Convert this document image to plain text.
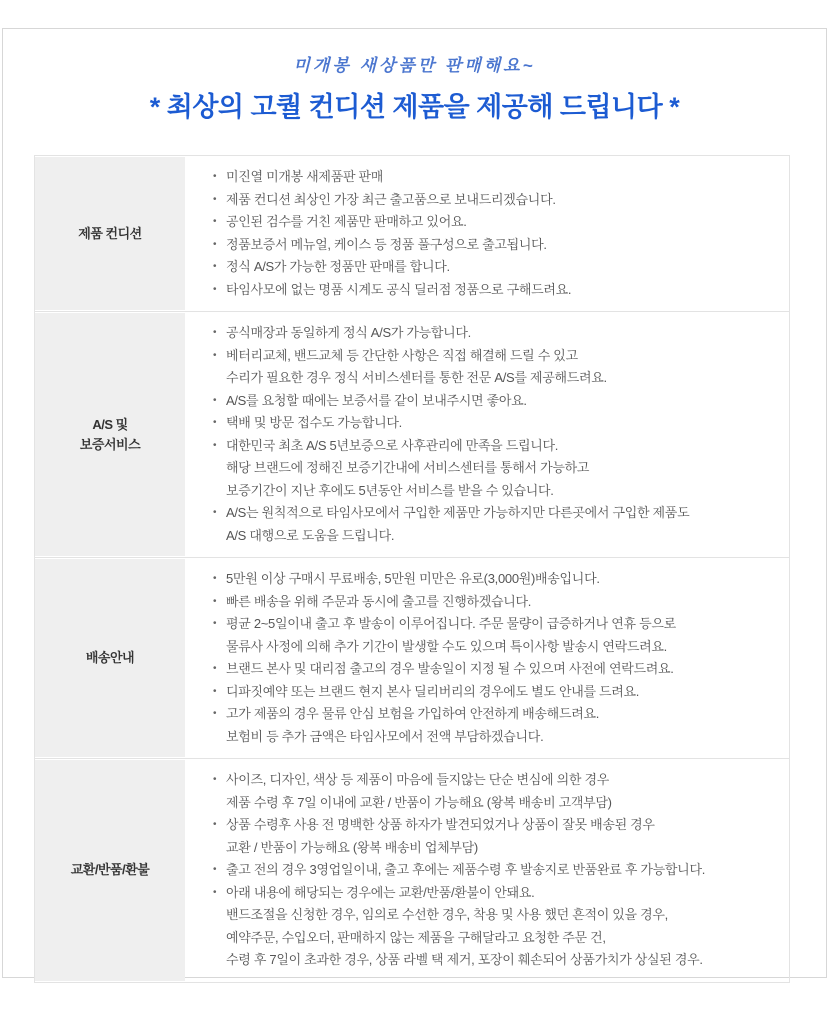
미개봉 새상품만 판매해요~
* 최상의 고퀄 컨디션 제품을 제공해 드립니다 *
제품 컨디션
• 미진열 미개봉 새제품판 판매
• 제품 컨디션 최상인 가장 최근 출고품으로 보내드리겠습니다.
• 공인된 검수를 거친 제품만 판매하고 있어요.
• 정품보증서 메뉴얼, 케이스 등 정품 풀구성으로 출고됩니다.
• 정식 A/S가 가능한 정품만 판매를 합니다.
• 타임사모에 없는 명품 시계도 공식 딜러점 정품으로 구해드려요.
A/S 및
보증서비스
• 공식매장과 동일하게 정식 A/S가 가능합니다.
• 베터리교체, 밴드교체 등 간단한 사항은 직접 해결해 드릴 수 있고
수리가 필요한 경우 정식 서비스센터를 통한 전문 A/S를 제공해드려요.
• A/S를 요청할 때에는 보증서를 같이 보내주시면 좋아요.
• 택배 및 방문 접수도 가능합니다.
• 대한민국 최초 A/S 5년보증으로 사후관리에 만족을 드립니다.
해당 브랜드에 정해진 보증기간내에 서비스센터를 통해서 가능하고
보증기간이 지난 후에도 5년동안 서비스를 받을 수 있습니다.
• A/S는 원칙적으로 타임사모에서 구입한 제품만 가능하지만 다른곳에서 구입한 제품도
A/S 대행으로 도움을 드립니다.
배송안내
• 5만원 이상 구매시 무료배송, 5만원 미만은 유로(3,000원)배송입니다.
• 빠른 배송을 위해 주문과 동시에 출고를 진행하겠습니다.
• 평균 2~5일이내 출고 후 발송이 이루어집니다. 주문 물량이 급증하거나 연휴 등으로
물류사 사정에 의해 추가 기간이 발생할 수도 있으며 특이사항 발송시 연락드려요.
• 브랜드 본사 및 대리점 출고의 경우 발송일이 지정 될 수 있으며 사전에 연락드려요.
• 디파짓예약 또는 브랜드 현지 본사 딜리버리의 경우에도 별도 안내를 드려요.
• 고가 제품의 경우 물류 안심 보험을 가입하여 안전하게 배송해드려요.
보험비 등 추가 금액은 타임사모에서 전액 부담하겠습니다.
교환/반품/환불
• 사이즈, 디자인, 색상 등 제품이 마음에 들지않는 단순 변심에 의한 경우
제품 수령 후 7일 이내에 교환 / 반품이 가능해요 (왕복 배송비 고객부담)
• 상품 수령후 사용 전 명백한 상품 하자가 발견되었거나 상품이 잘못 배송된 경우
교환 / 반품이 가능해요 (왕복 배송비 업체부담)
• 출고 전의 경우 3영업일이내, 출고 후에는 제품수령 후 발송지로 반품완료 후 가능합니다.
• 아래 내용에 해당되는 경우에는 교환/반품/환불이 안돼요.
밴드조절을 신청한 경우, 임의로 수선한 경우, 착용 및 사용 했던 흔적이 있을 경우,
예약주문, 수입오더, 판매하지 않는 제품을 구해달라고 요청한 주문 건,
수령 후 7일이 초과한 경우, 상품 라벨 택 제거, 포장이 훼손되어 상품가치가 상실된 경우.
